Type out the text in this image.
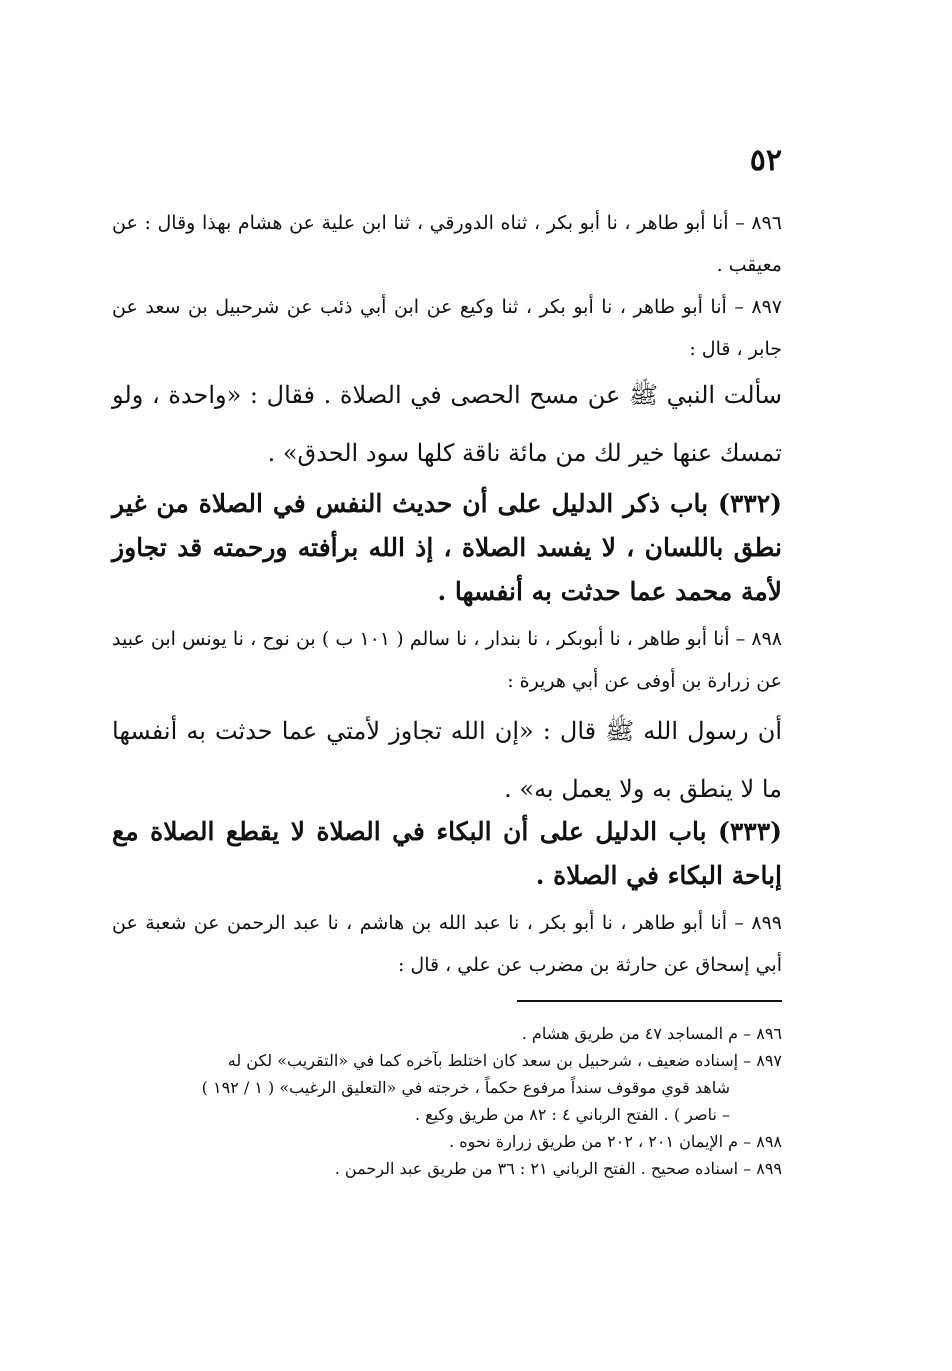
٥٢
٨٩٦ – أنا أبو طاهر ، نا أبو بكر ، ثناه الدورقي ، ثنا ابن علية عن هشام بهذا وقال : عن معيقب .
٨٩٧ – أنا أبو طاهر ، نا أبو بكر ، ثنا وكيع عن ابن أبي ذئب عن شرحبيل بن سعد عن جابر ، قال :
سألت النبي ﷺ عن مسح الحصى في الصلاة . فقال : «واحدة ، ولو تمسك عنها خير لك من مائة ناقة كلها سود الحدق» .
(٣٣٢) باب ذكر الدليل على أن حديث النفس في الصلاة من غير نطق باللسان ، لا يفسد الصلاة ، إذ الله برأفته ورحمته قد تجاوز لأمة محمد عما حدثت به أنفسها .
٨٩٨ – أنا أبو طاهر ، نا أبوبكر ، نا بندار ، نا سالم ( ١٠١ ب ) بن نوح ، نا يونس ابن عبيد عن زرارة بن أوفى عن أبي هريرة :
أن رسول الله ﷺ قال : «إن الله تجاوز لأمتي عما حدثت به أنفسها ما لا ينطق به ولا يعمل به» .
(٣٣٣) باب الدليل على أن البكاء في الصلاة لا يقطع الصلاة مع إباحة البكاء في الصلاة .
٨٩٩ – أنا أبو طاهر ، نا أبو بكر ، نا عبد الله بن هاشم ، نا عبد الرحمن عن شعبة عن أبي إسحاق عن حارثة بن مضرب عن علي ، قال :
٨٩٦ – م المساجد ٤٧ من طريق هشام .
٨٩٧ – إسناده ضعيف ، شرحبيل بن سعد كان اختلط بآخره كما في «التقريب» لكن له
شاهد قوي موقوف سنداً مرفوع حكماً ، خرجته في «التعليق الرغيب» ( ١ / ١٩٢ )
– ناصر ) . الفتح الرباني ٤ : ٨٢ من طريق وكيع .
٨٩٨ – م الإيمان ٢٠١ ، ٢٠٢ من طريق زرارة نحوه .
٨٩٩ – اسناده صحيح . الفتح الرباني ٢١ : ٣٦ من طريق عبد الرحمن .
